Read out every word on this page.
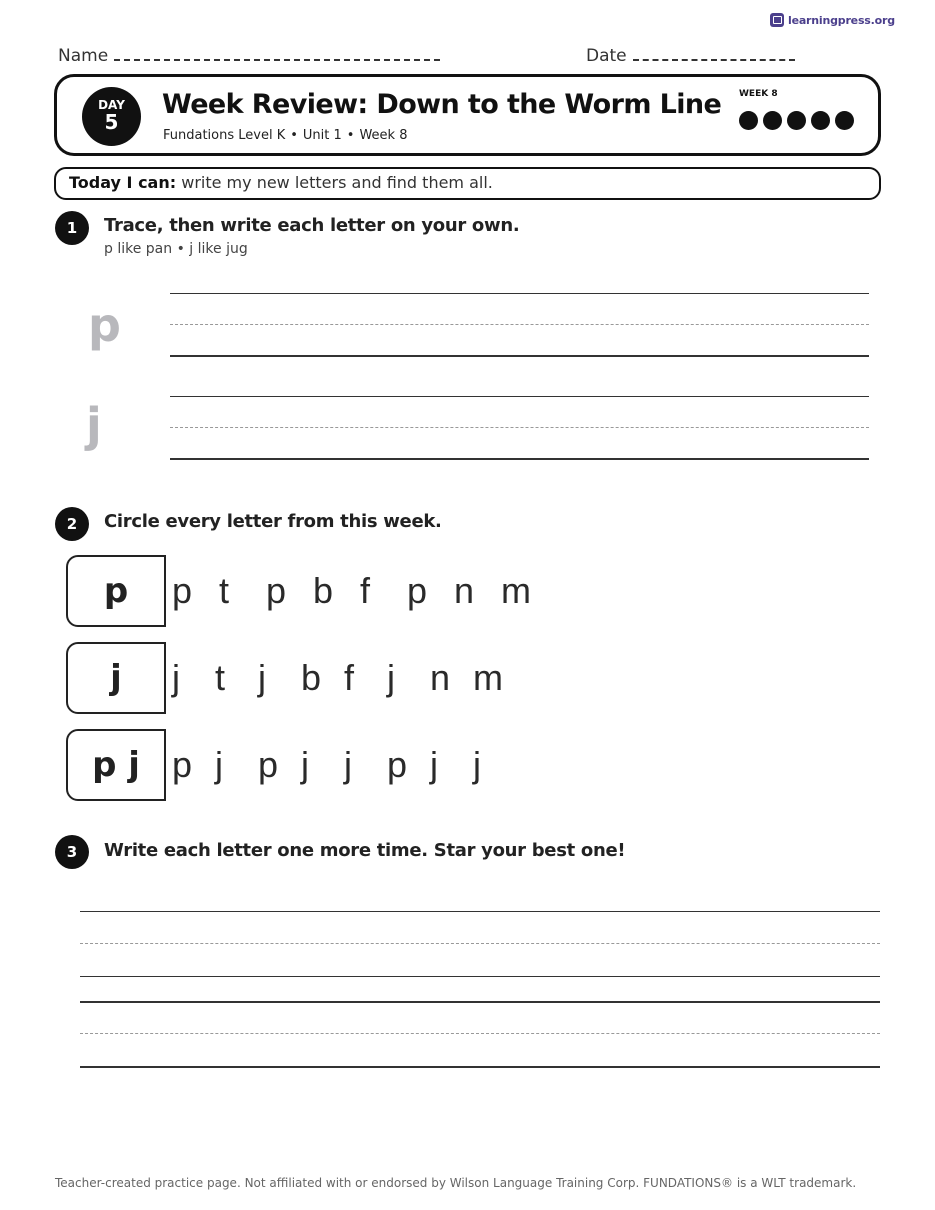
learningpress.org
Name	Date
DAY
5
Week Review: Down to the Worm Line
Fundations Level K • Unit 1 • Week 8
WEEK 8
Today I can: write my new letters and find them all.
1	Trace, then write each letter on your own.
p like pan • j like jug
p
j
2	Circle every letter from this week.
p	p t	p b f	p n m
j	j t j b f j n m
p j p j p j j p j j
3	Write each letter one more time. Star your best one!
Teacher-created practice page. Not affiliated with or endorsed by Wilson Language Training Corp. FUNDATIONS® is a WLT trademark.
